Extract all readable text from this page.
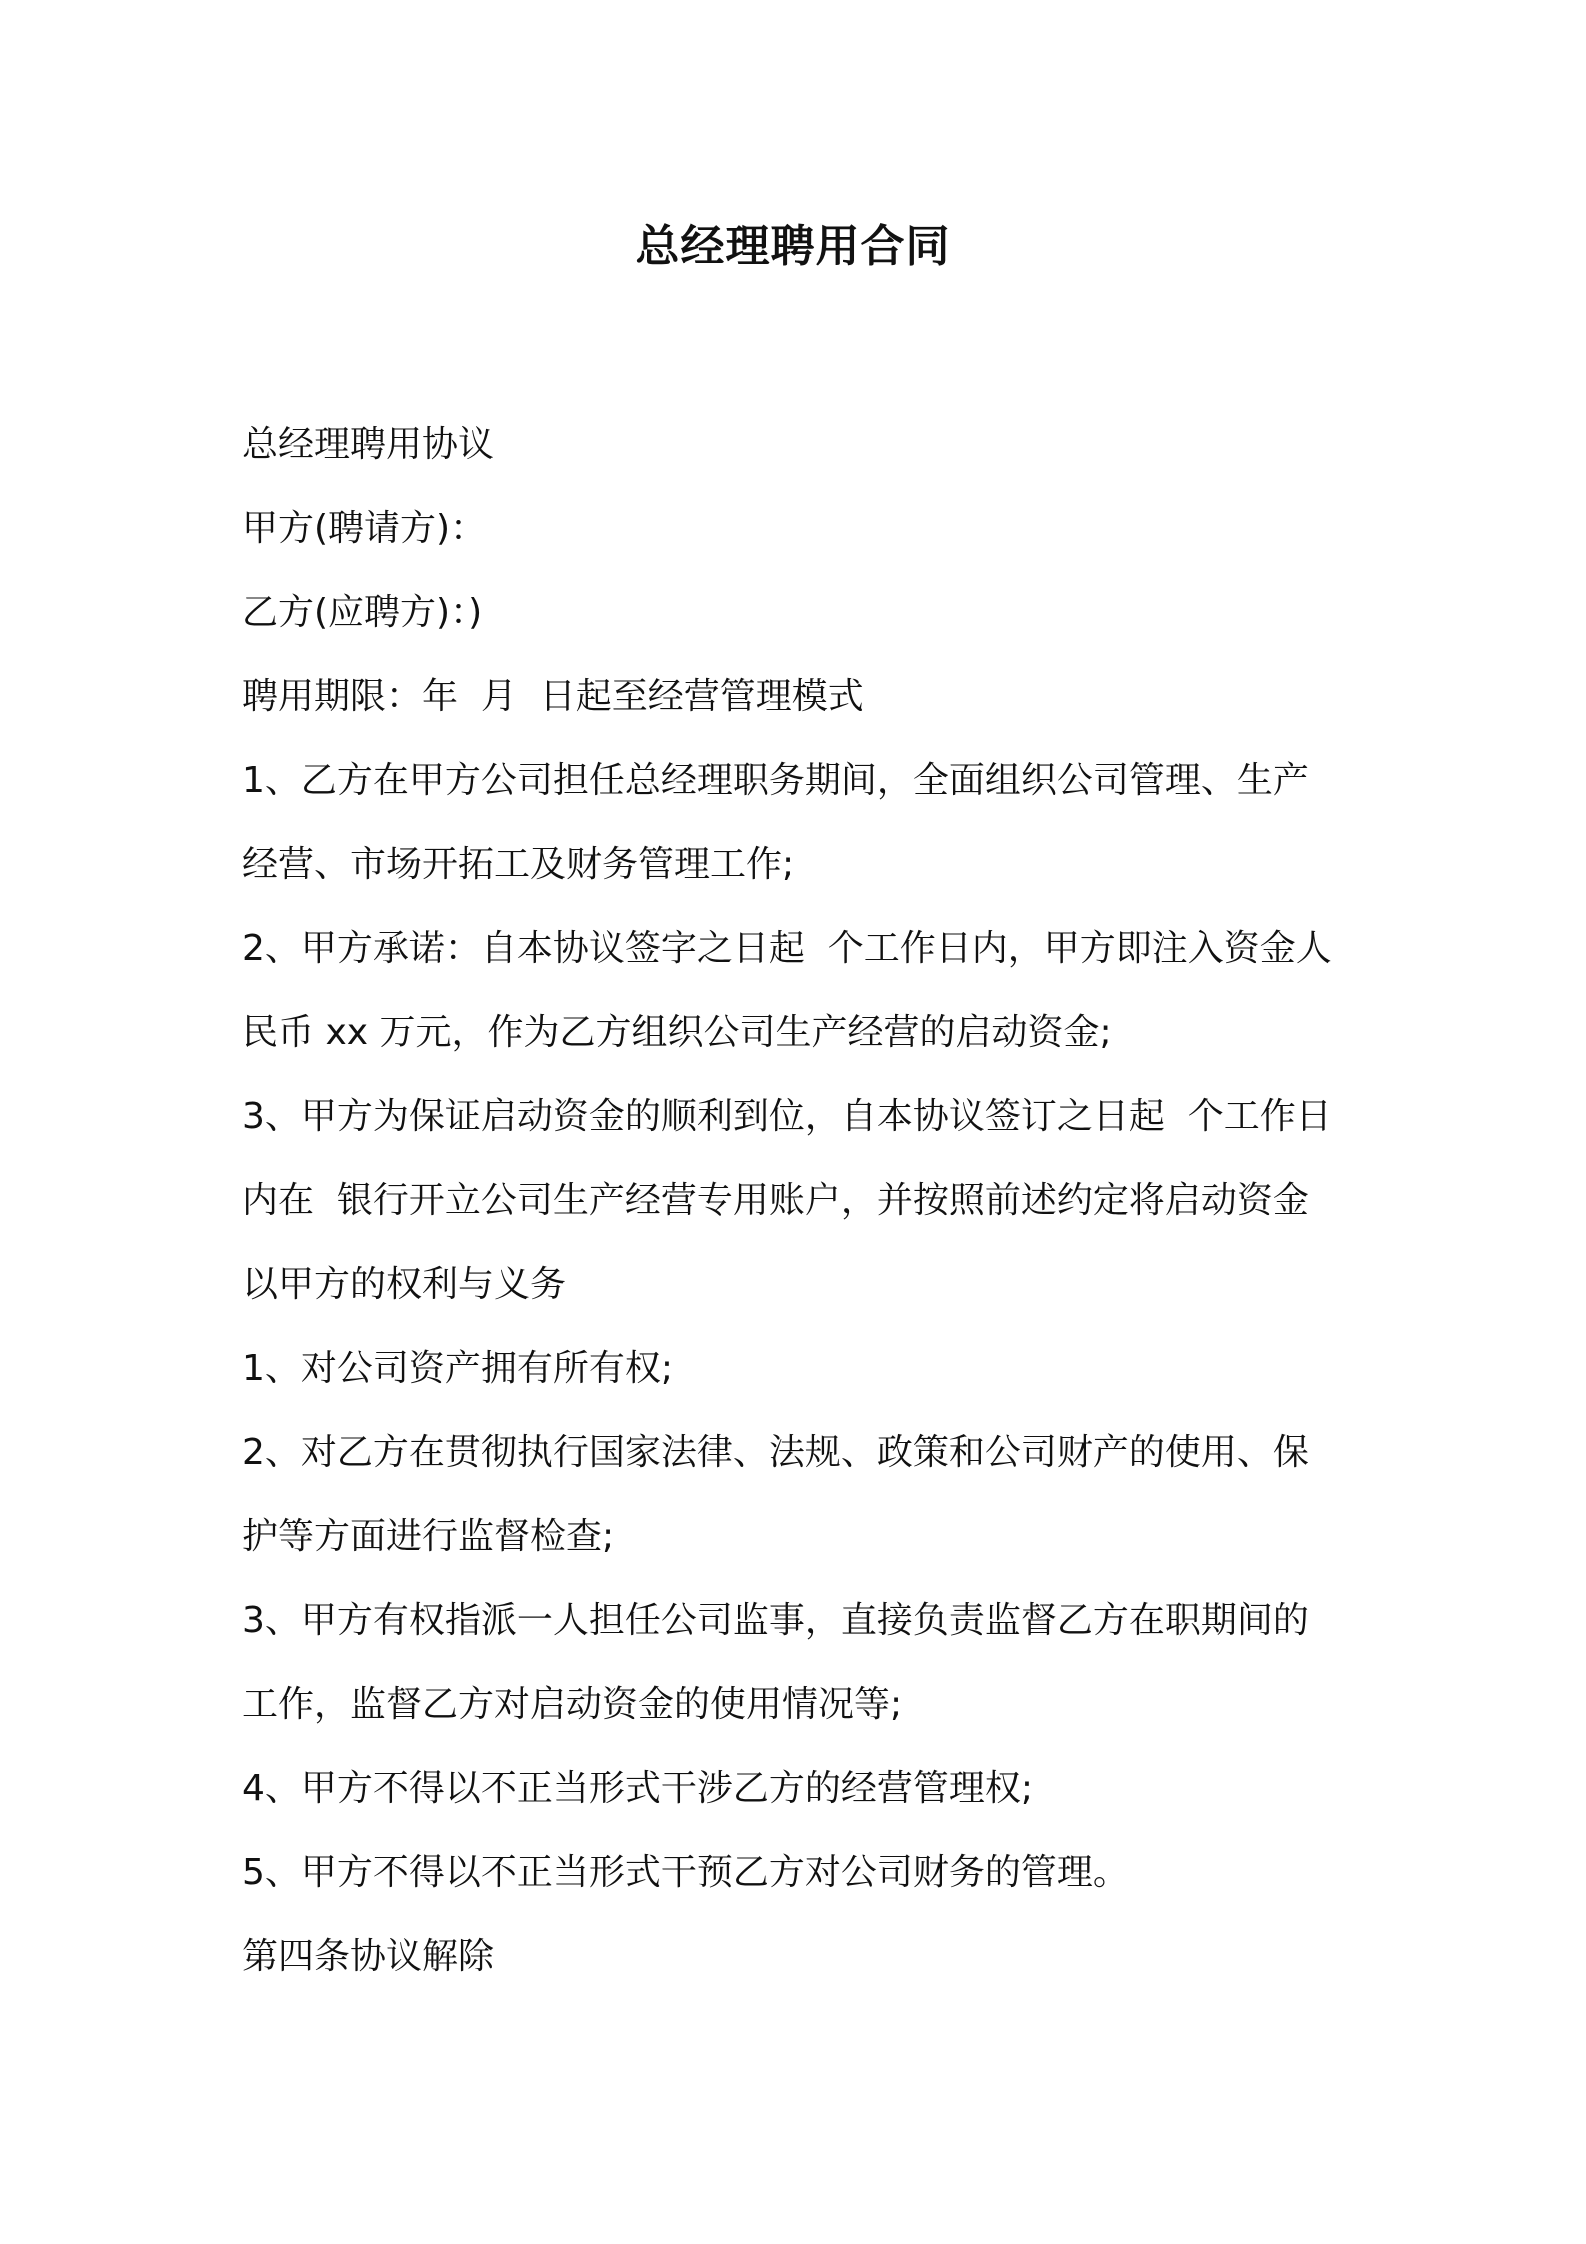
总经理聘用合同

总经理聘用协议

甲方(聘请方)：

乙方(应聘方)：)

聘用期限：年  月  日起至经营管理模式

1、乙方在甲方公司担任总经理职务期间，全面组织公司管理、生产

经营、市场开拓工及财务管理工作;

2、甲方承诺：自本协议签字之日起  个工作日内，甲方即注入资金人

民币 xx 万元，作为乙方组织公司生产经营的启动资金;

3、甲方为保证启动资金的顺利到位，自本协议签订之日起  个工作日

内在  银行开立公司生产经营专用账户，并按照前述约定将启动资金

以甲方的权利与义务

1、对公司资产拥有所有权;

2、对乙方在贯彻执行国家法律、法规、政策和公司财产的使用、保

护等方面进行监督检查;

3、甲方有权指派一人担任公司监事，直接负责监督乙方在职期间的

工作，监督乙方对启动资金的使用情况等;

4、甲方不得以不正当形式干涉乙方的经营管理权;

5、甲方不得以不正当形式干预乙方对公司财务的管理。

第四条协议解除
